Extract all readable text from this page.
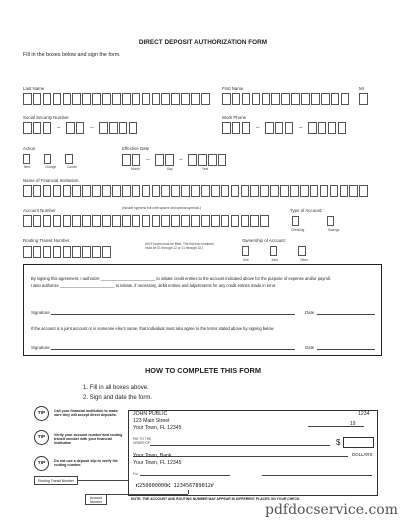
DIRECT DEPOSIT AUTHORIZATION FORM
Fill in the boxes below and sign the form.
Last Name	First Name	MI
Social Security Number
–	–
Work Phone
–	–
Action
New	Change	Cancel
Effective Date
–	–
Month	Day	Year
Name of Financial Institution
Account Number	(include hyphens but omit spaces and special symbols.)	Type of Account:
Checking	Savings
Routing Transit Number
(All 9 boxes must be filled. The first two numbers
must be 01 through 12 or 21 through 32.)
Ownership of Account:
Self	Joint	Other
By signing this agreement, I authorize ________________________ to initiate credit entries to the account indicated above for the purpose of expense and/or payroll.
I also authorize ________________________ to initiate, if necessary, debit entries and adjustments for any credit entries made in error.
Signature	Date
If the account is a joint account or in someone else's name, that individual must also agree to the terms stated above by signing below
Signature	Date
HOW TO COMPLETE THIS FORM
1. Fill in all boxes above.
2. Sign and date the form.
TIP	Call your financial institution to make sure they will accept direct deposits.
TIP	Verify your account number and routing transit number with your financial institution
TIP	Do not use a deposit slip to verify the routing number.
Routing Transit Number
JOHN PUBLIC
123 Main Street
Your Town, FL 12345
1234
19
PAY TO THE
ORDER OF	$
DOLLARS
Your Town, Bank
Your Town, FL 12345
For
⑆250000000⑆ 123456789012⑈
Account
Number
NOTE: THE ACCOUNT AND ROUTING NUMBER MAY APPEAR IN DIFFERENT PLACES ON YOUR CHECK.
pdfdocservice.com
